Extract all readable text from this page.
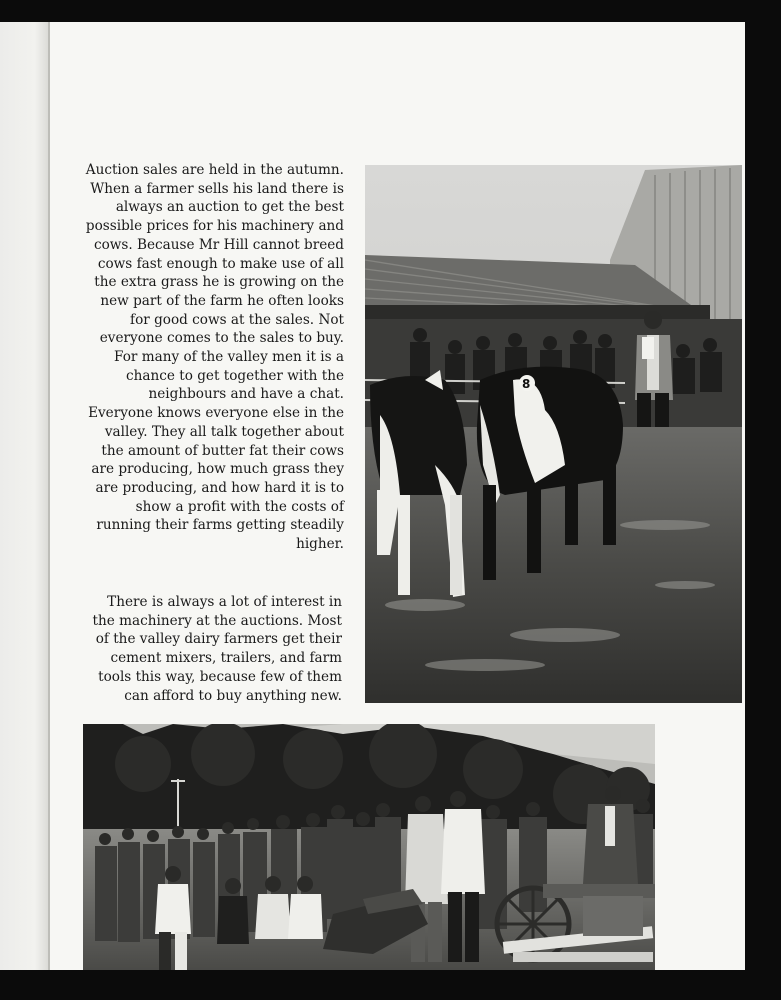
Auction sales are held in the autumn. When a farmer sells his land there is always an auction to get the best possible prices for his machinery and cows. Because Mr Hill cannot breed cows fast enough to make use of all the extra grass he is growing on the new part of the farm he often looks for good cows at the sales. Not everyone comes to the sales to buy. For many of the valley men it is a chance to get together with the neighbours and have a chat. Everyone knows everyone else in the valley. They all talk together about the amount of butter fat their cows are producing, how much grass they are producing, and how hard it is to show a profit with the costs of running their farms getting steadily higher.

There is always a lot of interest in the machinery at the auctions. Most of the valley dairy farmers get their cement mixers, trailers, and farm tools this way, because few of them can afford to buy anything new.

8
